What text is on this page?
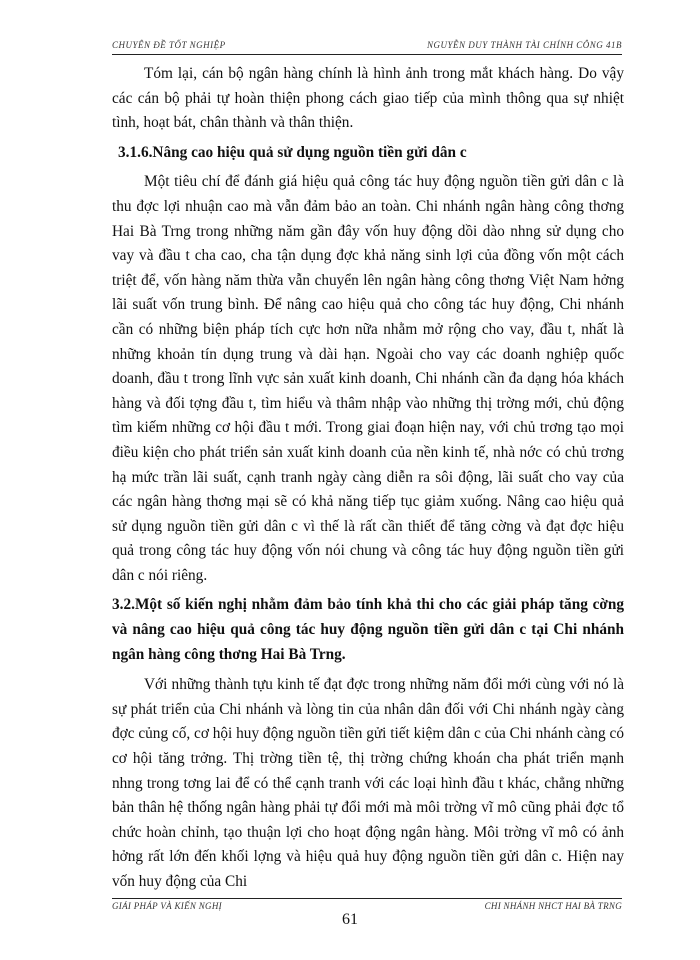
CHUYÊN ĐỀ TỐT NGHIỆP	NGUYỄN DUY THÀNH TÀI CHÍNH CÔNG 41B

Tóm lại, cán bộ ngân hàng chính là hình ảnh trong mắt khách hàng. Do vậy các cán bộ phải tự hoàn thiện phong cách giao tiếp của mình thông qua sự nhiệt tình, hoạt bát, chân thành và thân thiện.

3.1.6.Nâng cao hiệu quả sử dụng nguồn tiền gửi dân c

Một tiêu chí để đánh giá hiệu quả công tác huy động nguồn tiền gửi dân c là thu đợc lợi nhuận cao mà vẫn đảm bảo an toàn. Chi nhánh ngân hàng công thơng Hai Bà Trng trong những năm gần đây vốn huy động dồi dào nhng sử dụng cho vay và đầu t cha cao, cha tận dụng đợc khả năng sinh lợi của đồng vốn một cách triệt để, vốn hàng năm thừa vẫn chuyển lên ngân hàng công thơng Việt Nam hởng lãi suất vốn trung bình. Để nâng cao hiệu quả cho công tác huy động, Chi nhánh cần có những biện pháp tích cực hơn nữa nhằm mở rộng cho vay, đầu t, nhất là những khoản tín dụng trung và dài hạn. Ngoài cho vay các doanh nghiệp quốc doanh, đầu t trong lĩnh vực sản xuất kinh doanh, Chi nhánh cần đa dạng hóa khách hàng và đối tợng đầu t, tìm hiểu và thâm nhập vào những thị trờng mới, chủ động tìm kiếm những cơ hội đầu t mới. Trong giai đoạn hiện nay, với chủ trơng tạo mọi điều kiện cho phát triển sản xuất kinh doanh của nền kinh tế, nhà nớc có chủ trơng hạ mức trần lãi suất, cạnh tranh ngày càng diễn ra sôi động, lãi suất cho vay của các ngân hàng thơng mại sẽ có khả năng tiếp tục giảm xuống. Nâng cao hiệu quả sử dụng nguồn tiền gửi dân c vì thế là rất cần thiết để tăng cờng và đạt đợc hiệu quả trong công tác huy động vốn nói chung và công tác huy động nguồn tiền gửi dân c nói riêng.

3.2.Một số kiến nghị nhằm đảm bảo tính khả thi cho các giải pháp tăng cờng và nâng cao hiệu quả công tác huy động nguồn tiền gửi dân c tại Chi nhánh ngân hàng công thơng Hai Bà Trng.

Với những thành tựu kinh tế đạt đợc trong những năm đổi mới cùng với nó là sự phát triển của Chi nhánh và lòng tin của nhân dân đối với Chi nhánh ngày càng đợc củng cố, cơ hội huy động nguồn tiền gửi tiết kiệm dân c của Chi nhánh càng có cơ hội tăng trởng. Thị trờng tiền tệ, thị trờng chứng khoán cha phát triển mạnh nhng trong tơng lai để có thể cạnh tranh với các loại hình đầu t khác, chẳng những bản thân hệ thống ngân hàng phải tự đổi mới mà môi trờng vĩ mô cũng phải đợc tổ chức hoàn chỉnh, tạo thuận lợi cho hoạt động ngân hàng. Môi trờng vĩ mô có ảnh hởng rất lớn đến khối lợng và hiệu quả huy động nguồn tiền gửi dân c. Hiện nay vốn huy động của Chi

GIẢI PHÁP VÀ KIẾN NGHỊ	CHI NHÁNH NHCT HAI BÀ TRNG
61
